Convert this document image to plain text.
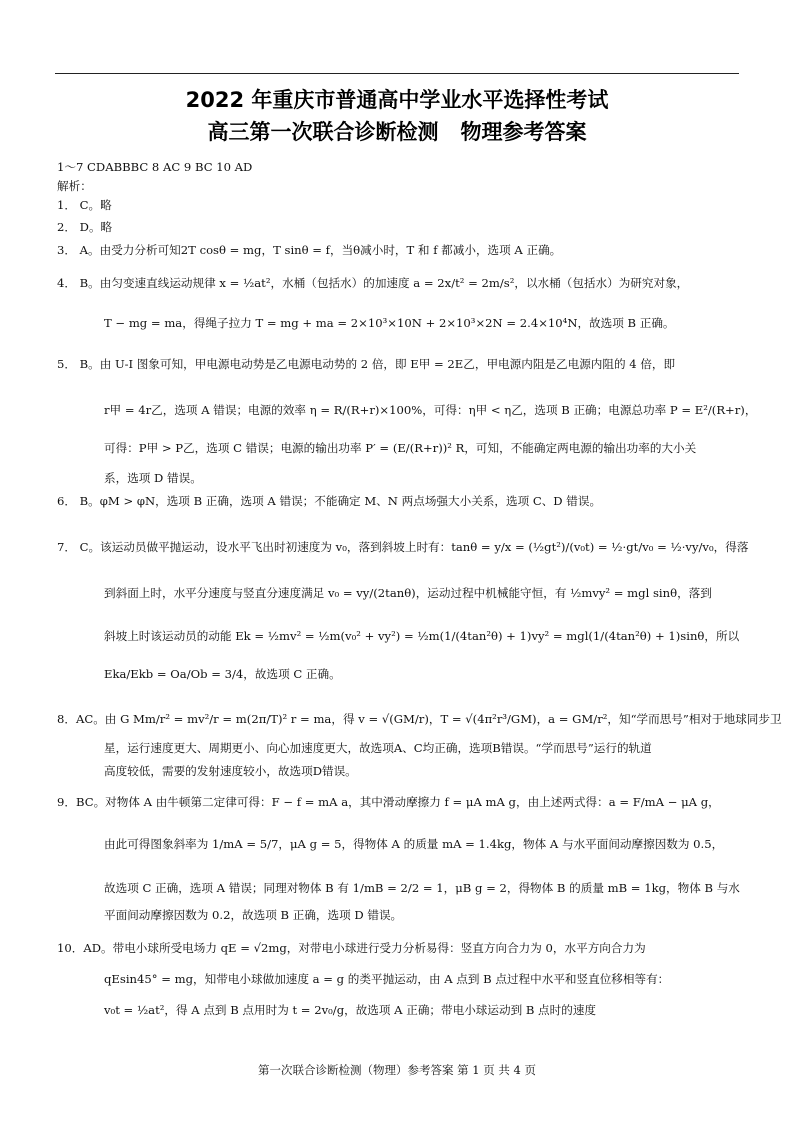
2022 年重庆市普通高中学业水平选择性考试
高三第一次联合诊断检测 物理参考答案
1～7 CDABBBC 8 AC 9 BC 10 AD
解析：
1． C。略
2． D。略
3． A。由受力分析可知2T cosθ = mg，T sinθ = f，当θ减小时，T 和 f 都减小，选项 A 正确。
4． B。由匀变速直线运动规律 x = ½at²，水桶（包括水）的加速度 a = 2x/t² = 2m/s²，以水桶（包括水）为研究对象，
T − mg = ma，得绳子拉力 T = mg + ma = 2×10³×10N + 2×10³×2N = 2.4×10⁴N，故选项 B 正确。
5． B。由 U-I 图象可知，甲电源电动势是乙电源电动势的 2 倍，即 E甲 = 2E乙，甲电源内阻是乙电源内阻的 4 倍，即
r甲 = 4r乙，选项 A 错误；电源的效率 η = R/(R+r)×100%，可得：η甲 < η乙，选项 B 正确；电源总功率 P = E²/(R+r)，
可得：P甲 > P乙，选项 C 错误；电源的输出功率 P′ = (E/(R+r))² R，可知，不能确定两电源的输出功率的大小关
系，选项 D 错误。
6． B。φM > φN，选项 B 正确，选项 A 错误；不能确定 M、N 两点场强大小关系，选项 C、D 错误。
7． C。该运动员做平抛运动，设水平飞出时初速度为 v₀，落到斜坡上时有：tanθ = y/x = (½gt²)/(v₀t) = ½·gt/v₀ = ½·vy/v₀，得落
到斜面上时，水平分速度与竖直分速度满足 v₀ = vy/(2tanθ)，运动过程中机械能守恒，有 ½mvy² = mgl sinθ，落到
斜坡上时该运动员的动能 Ek = ½mv² = ½m(v₀² + vy²) = ½m(1/(4tan²θ) + 1)vy² = mgl(1/(4tan²θ) + 1)sinθ，所以
Eka/Ekb = Oa/Ob = 3/4，故选项 C 正确。
8．AC。由 G Mm/r² = mv²/r = m(2π/T)² r = ma，得 v = √(GM/r)，T = √(4π²r³/GM)，a = GM/r²，知“学而思号”相对于地球同步卫
星，运行速度更大、周期更小、向心加速度更大，故选项A、C均正确，选项B错误。“学而思号”运行的轨道
高度较低，需要的发射速度较小，故选项D错误。
9．BC。对物体 A 由牛顿第二定律可得：F − f = mA a，其中滑动摩擦力 f = μA mA g，由上述两式得：a = F/mA − μA g，
由此可得图象斜率为 1/mA = 5/7，μA g = 5，得物体 A 的质量 mA = 1.4kg，物体 A 与水平面间动摩擦因数为 0.5，
故选项 C 正确，选项 A 错误；同理对物体 B 有 1/mB = 2/2 = 1，μB g = 2，得物体 B 的质量 mB = 1kg，物体 B 与水
平面间动摩擦因数为 0.2，故选项 B 正确，选项 D 错误。
10．AD。带电小球所受电场力 qE = √2mg，对带电小球进行受力分析易得：竖直方向合力为 0，水平方向合力为
qEsin45° = mg，知带电小球做加速度 a = g 的类平抛运动，由 A 点到 B 点过程中水平和竖直位移相等有：
v₀t = ½at²，得 A 点到 B 点用时为 t = 2v₀/g，故选项 A 正确；带电小球运动到 B 点时的速度
第一次联合诊断检测（物理）参考答案 第 1 页 共 4 页
